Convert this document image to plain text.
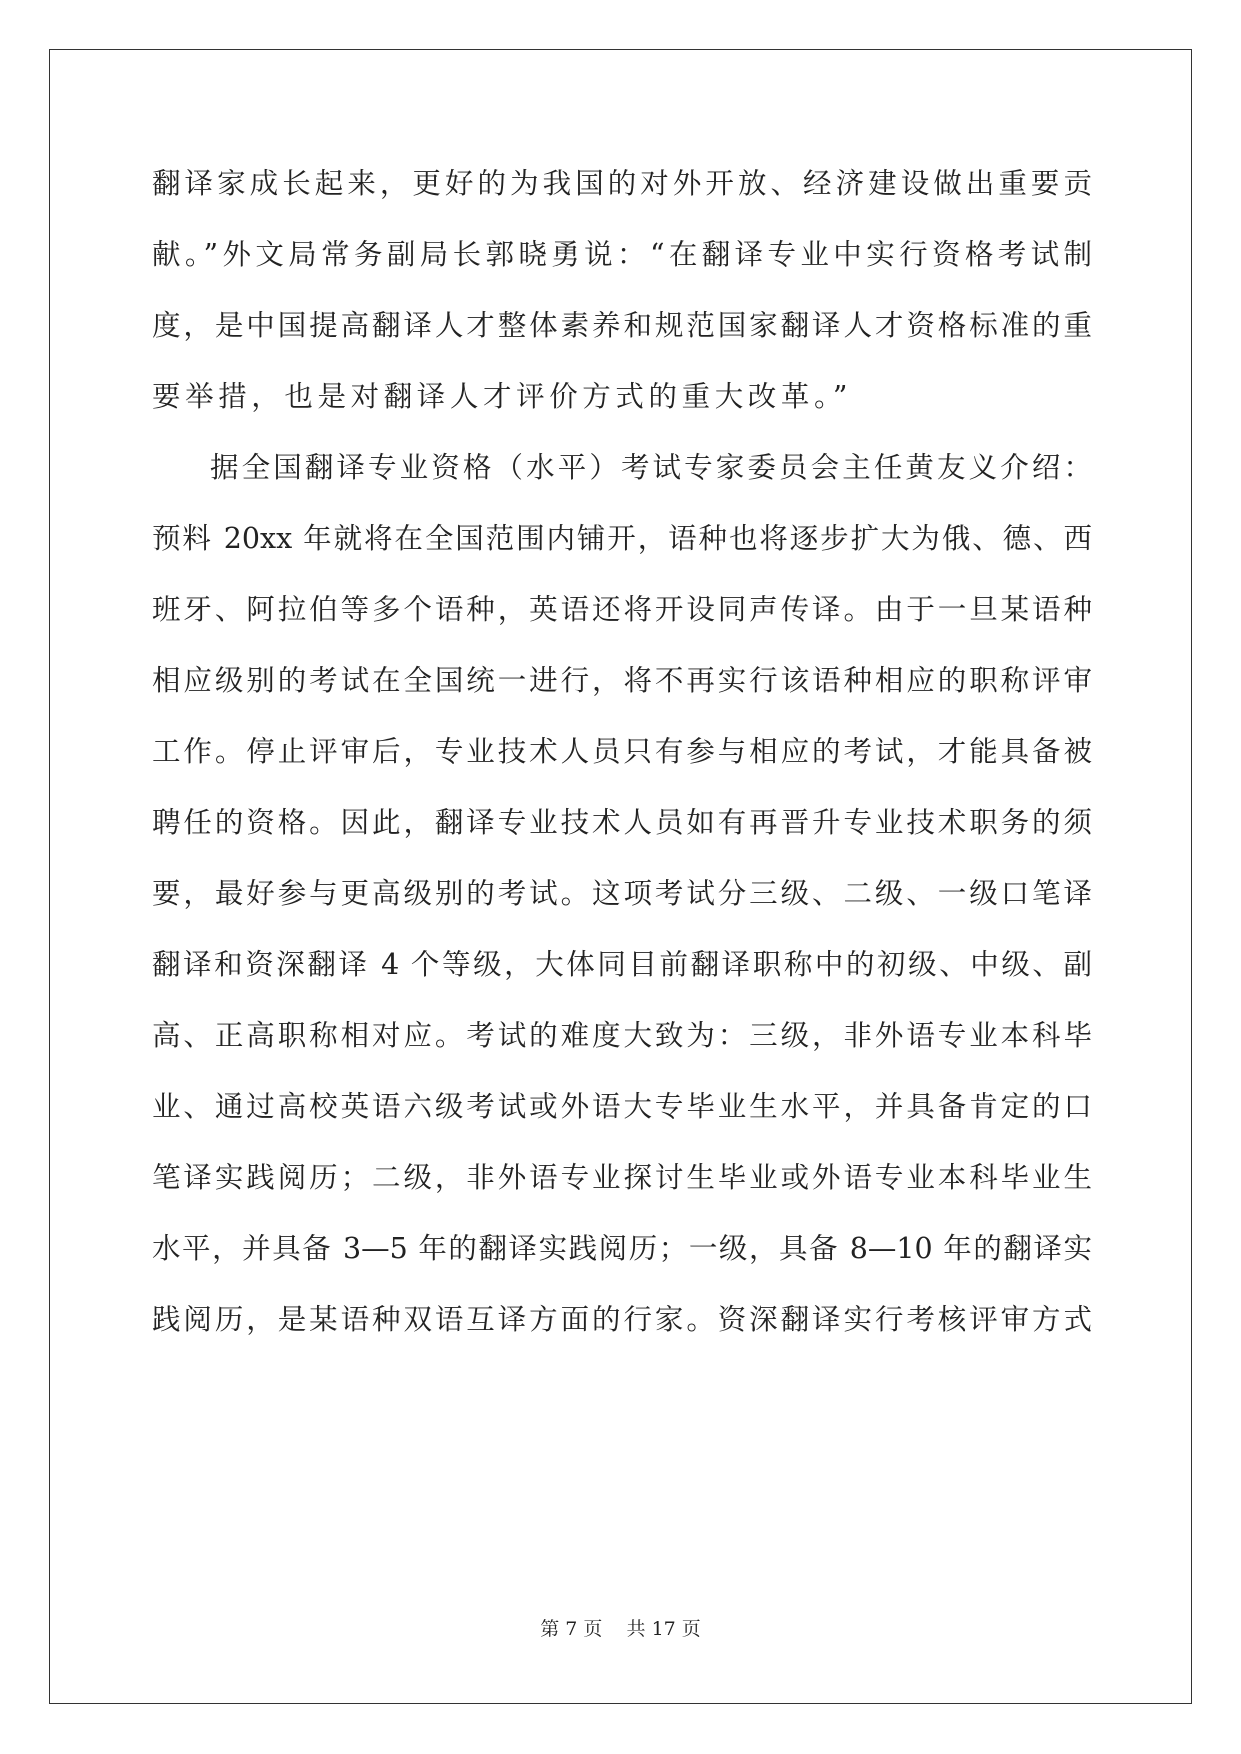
翻译家成长起来，更好的为我国的对外开放、经济建设做出重要贡
献。”外文局常务副局长郭晓勇说：“在翻译专业中实行资格考试制
度，是中国提高翻译人才整体素养和规范国家翻译人才资格标准的重
要举措，也是对翻译人才评价方式的重大改革。”
据全国翻译专业资格（水平）考试专家委员会主任黄友义介绍：
预料 20xx 年就将在全国范围内铺开，语种也将逐步扩大为俄、德、西
班牙、阿拉伯等多个语种，英语还将开设同声传译。由于一旦某语种
相应级别的考试在全国统一进行，将不再实行该语种相应的职称评审
工作。停止评审后，专业技术人员只有参与相应的考试，才能具备被
聘任的资格。因此，翻译专业技术人员如有再晋升专业技术职务的须
要，最好参与更高级别的考试。这项考试分三级、二级、一级口笔译
翻译和资深翻译 4 个等级，大体同目前翻译职称中的初级、中级、副
高、正高职称相对应。考试的难度大致为：三级，非外语专业本科毕
业、通过高校英语六级考试或外语大专毕业生水平，并具备肯定的口
笔译实践阅历；二级，非外语专业探讨生毕业或外语专业本科毕业生
水平，并具备 3—5 年的翻译实践阅历；一级，具备 8—10 年的翻译实
践阅历，是某语种双语互译方面的行家。资深翻译实行考核评审方式
第 7 页    共 17 页
